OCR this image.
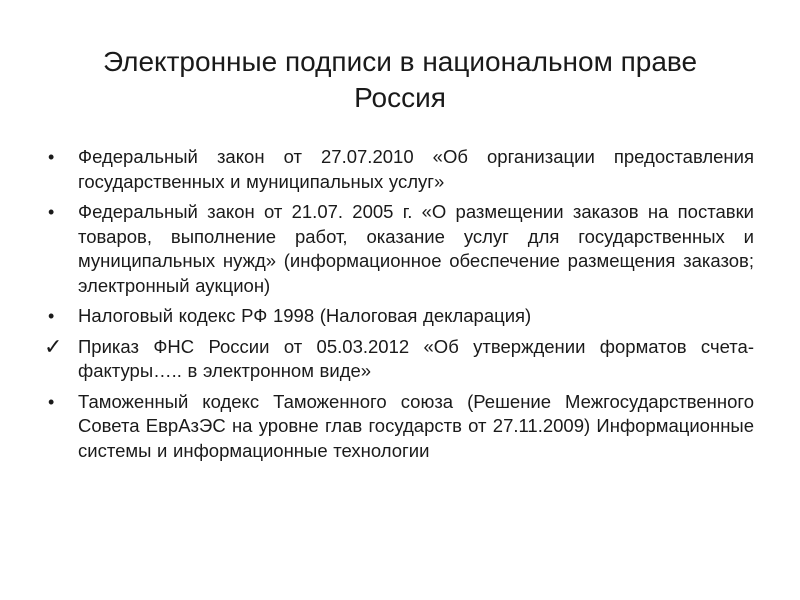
Электронные подписи в национальном праве
Россия
•	Федеральный закон от 27.07.2010 «Об организации предоставления государственных и муниципальных услуг»
•	Федеральный закон от 21.07. 2005 г. «О размещении заказов на поставки товаров, выполнение работ, оказание услуг для государственных и муниципальных нужд» (информационное обеспечение размещения заказов; электронный аукцион)
•	Налоговый кодекс РФ 1998 (Налоговая декларация)
✓ Приказ ФНС России от 05.03.2012 «Об утверждении форматов счета-фактуры….. в электронном виде»
•	Таможенный кодекс Таможенного союза (Решение Межгосударственного Совета ЕврАзЭС на уровне глав государств от 27.11.2009) Информационные системы и информационные технологии
